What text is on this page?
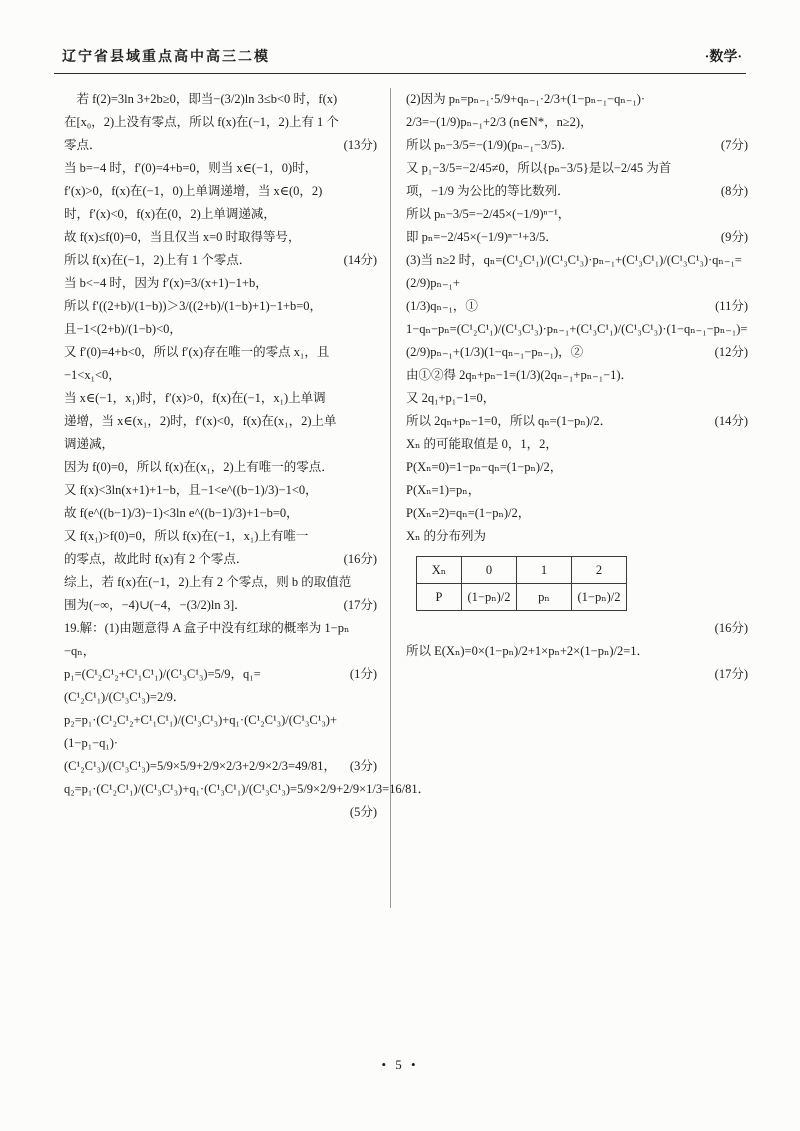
辽宁省县域重点高中高三二模	·数学·
　若 f(2)=3ln 3+2b≥0，即当−(3/2)ln 3≤b<0 时，f(x)
在[x₀，2)上没有零点，所以 f(x)在(−1，2)上有 1 个
零点．	(13分)
当 b=−4 时，f′(0)=4+b=0，则当 x∈(−1，0)时，
f′(x)>0，f(x)在(−1，0)上单调递增，当 x∈(0，2)
时，f′(x)<0，f(x)在(0，2)上单调递减，
故 f(x)≤f(0)=0，当且仅当 x=0 时取得等号，
所以 f(x)在(−1，2)上有 1 个零点．	(14分)
当 b<−4 时，因为 f′(x)=3/(x+1)−1+b，
所以 f′((2+b)/(1−b))＞3/((2+b)/(1−b)+1)−1+b=0，
且−1<(2+b)/(1−b)<0，
又 f′(0)=4+b<0，所以 f′(x)存在唯一的零点 x₁，且
−1<x₁<0，
当 x∈(−1，x₁)时，f′(x)>0，f(x)在(−1，x₁)上单调
递增，当 x∈(x₁，2)时，f′(x)<0，f(x)在(x₁，2)上单
调递减，
因为 f(0)=0，所以 f(x)在(x₁，2)上有唯一的零点．
又 f(x)<3ln(x+1)+1−b，且−1<e^((b−1)/3)−1<0，
故 f(e^((b−1)/3)−1)<3ln e^((b−1)/3)+1−b=0，
又 f(x₁)>f(0)=0，所以 f(x)在(−1，x₁)上有唯一
的零点，故此时 f(x)有 2 个零点．	(16分)
综上，若 f(x)在(−1，2)上有 2 个零点，则 b 的取值范
围为(−∞，−4)∪(−4，−(3/2)ln 3]．	(17分)
19.解：(1)由题意得 A 盒子中没有红球的概率为 1−pₙ
−qₙ，
p₁=(C¹₂C¹₂+C¹₁C¹₁)/(C¹₃C¹₃)=5/9，q₁=(C¹₂C¹₁)/(C¹₃C¹₃)=2/9．
(1分)
p₂=p₁·(C¹₂C¹₂+C¹₁C¹₁)/(C¹₃C¹₃)+q₁·(C¹₂C¹₃)/(C¹₃C¹₃)+(1−p₁−q₁)·
(C¹₂C¹₃)/(C¹₃C¹₃)=5/9×5/9+2/9×2/3+2/9×2/3=49/81，	(3分)
q₂=p₁·(C¹₂C¹₁)/(C¹₃C¹₃)+q₁·(C¹₃C¹₁)/(C¹₃C¹₃)=5/9×2/9+2/9×1/3=16/81．
(5分)
(2)因为 pₙ=pₙ₋₁·5/9+qₙ₋₁·2/3+(1−pₙ₋₁−qₙ₋₁)·
2/3=−(1/9)pₙ₋₁+2/3 (n∈N*，n≥2)，
所以 pₙ−3/5=−(1/9)(pₙ₋₁−3/5)．	(7分)
又 p₁−3/5=−2/45≠0，所以{pₙ−3/5}是以−2/45 为首
项，−1/9 为公比的等比数列．	(8分)
所以 pₙ−3/5=−2/45×(−1/9)ⁿ⁻¹，
即 pₙ=−2/45×(−1/9)ⁿ⁻¹+3/5．	(9分)
(3)当 n≥2 时，qₙ=(C¹₂C¹₁)/(C¹₃C¹₃)·pₙ₋₁+(C¹₃C¹₁)/(C¹₃C¹₃)·qₙ₋₁=(2/9)pₙ₋₁+
(1/3)qₙ₋₁，①	(11分)
1−qₙ−pₙ=(C¹₂C¹₁)/(C¹₃C¹₃)·pₙ₋₁+(C¹₃C¹₁)/(C¹₃C¹₃)·(1−qₙ₋₁−pₙ₋₁)=
(2/9)pₙ₋₁+(1/3)(1−qₙ₋₁−pₙ₋₁)，②	(12分)
由①②得 2qₙ+pₙ−1=(1/3)(2qₙ₋₁+pₙ₋₁−1)．
又 2q₁+p₁−1=0，
所以 2qₙ+pₙ−1=0，所以 qₙ=(1−pₙ)/2．	(14分)
Xₙ 的可能取值是 0，1，2，
P(Xₙ=0)=1−pₙ−qₙ=(1−pₙ)/2，
P(Xₙ=1)=pₙ，
P(Xₙ=2)=qₙ=(1−pₙ)/2，
Xₙ 的分布列为
Xₙ	0	1	2
P	(1−pₙ)/2	pₙ	(1−pₙ)/2
(16分)
所以 E(Xₙ)=0×(1−pₙ)/2+1×pₙ+2×(1−pₙ)/2=1．
(17分)
• 5 •
